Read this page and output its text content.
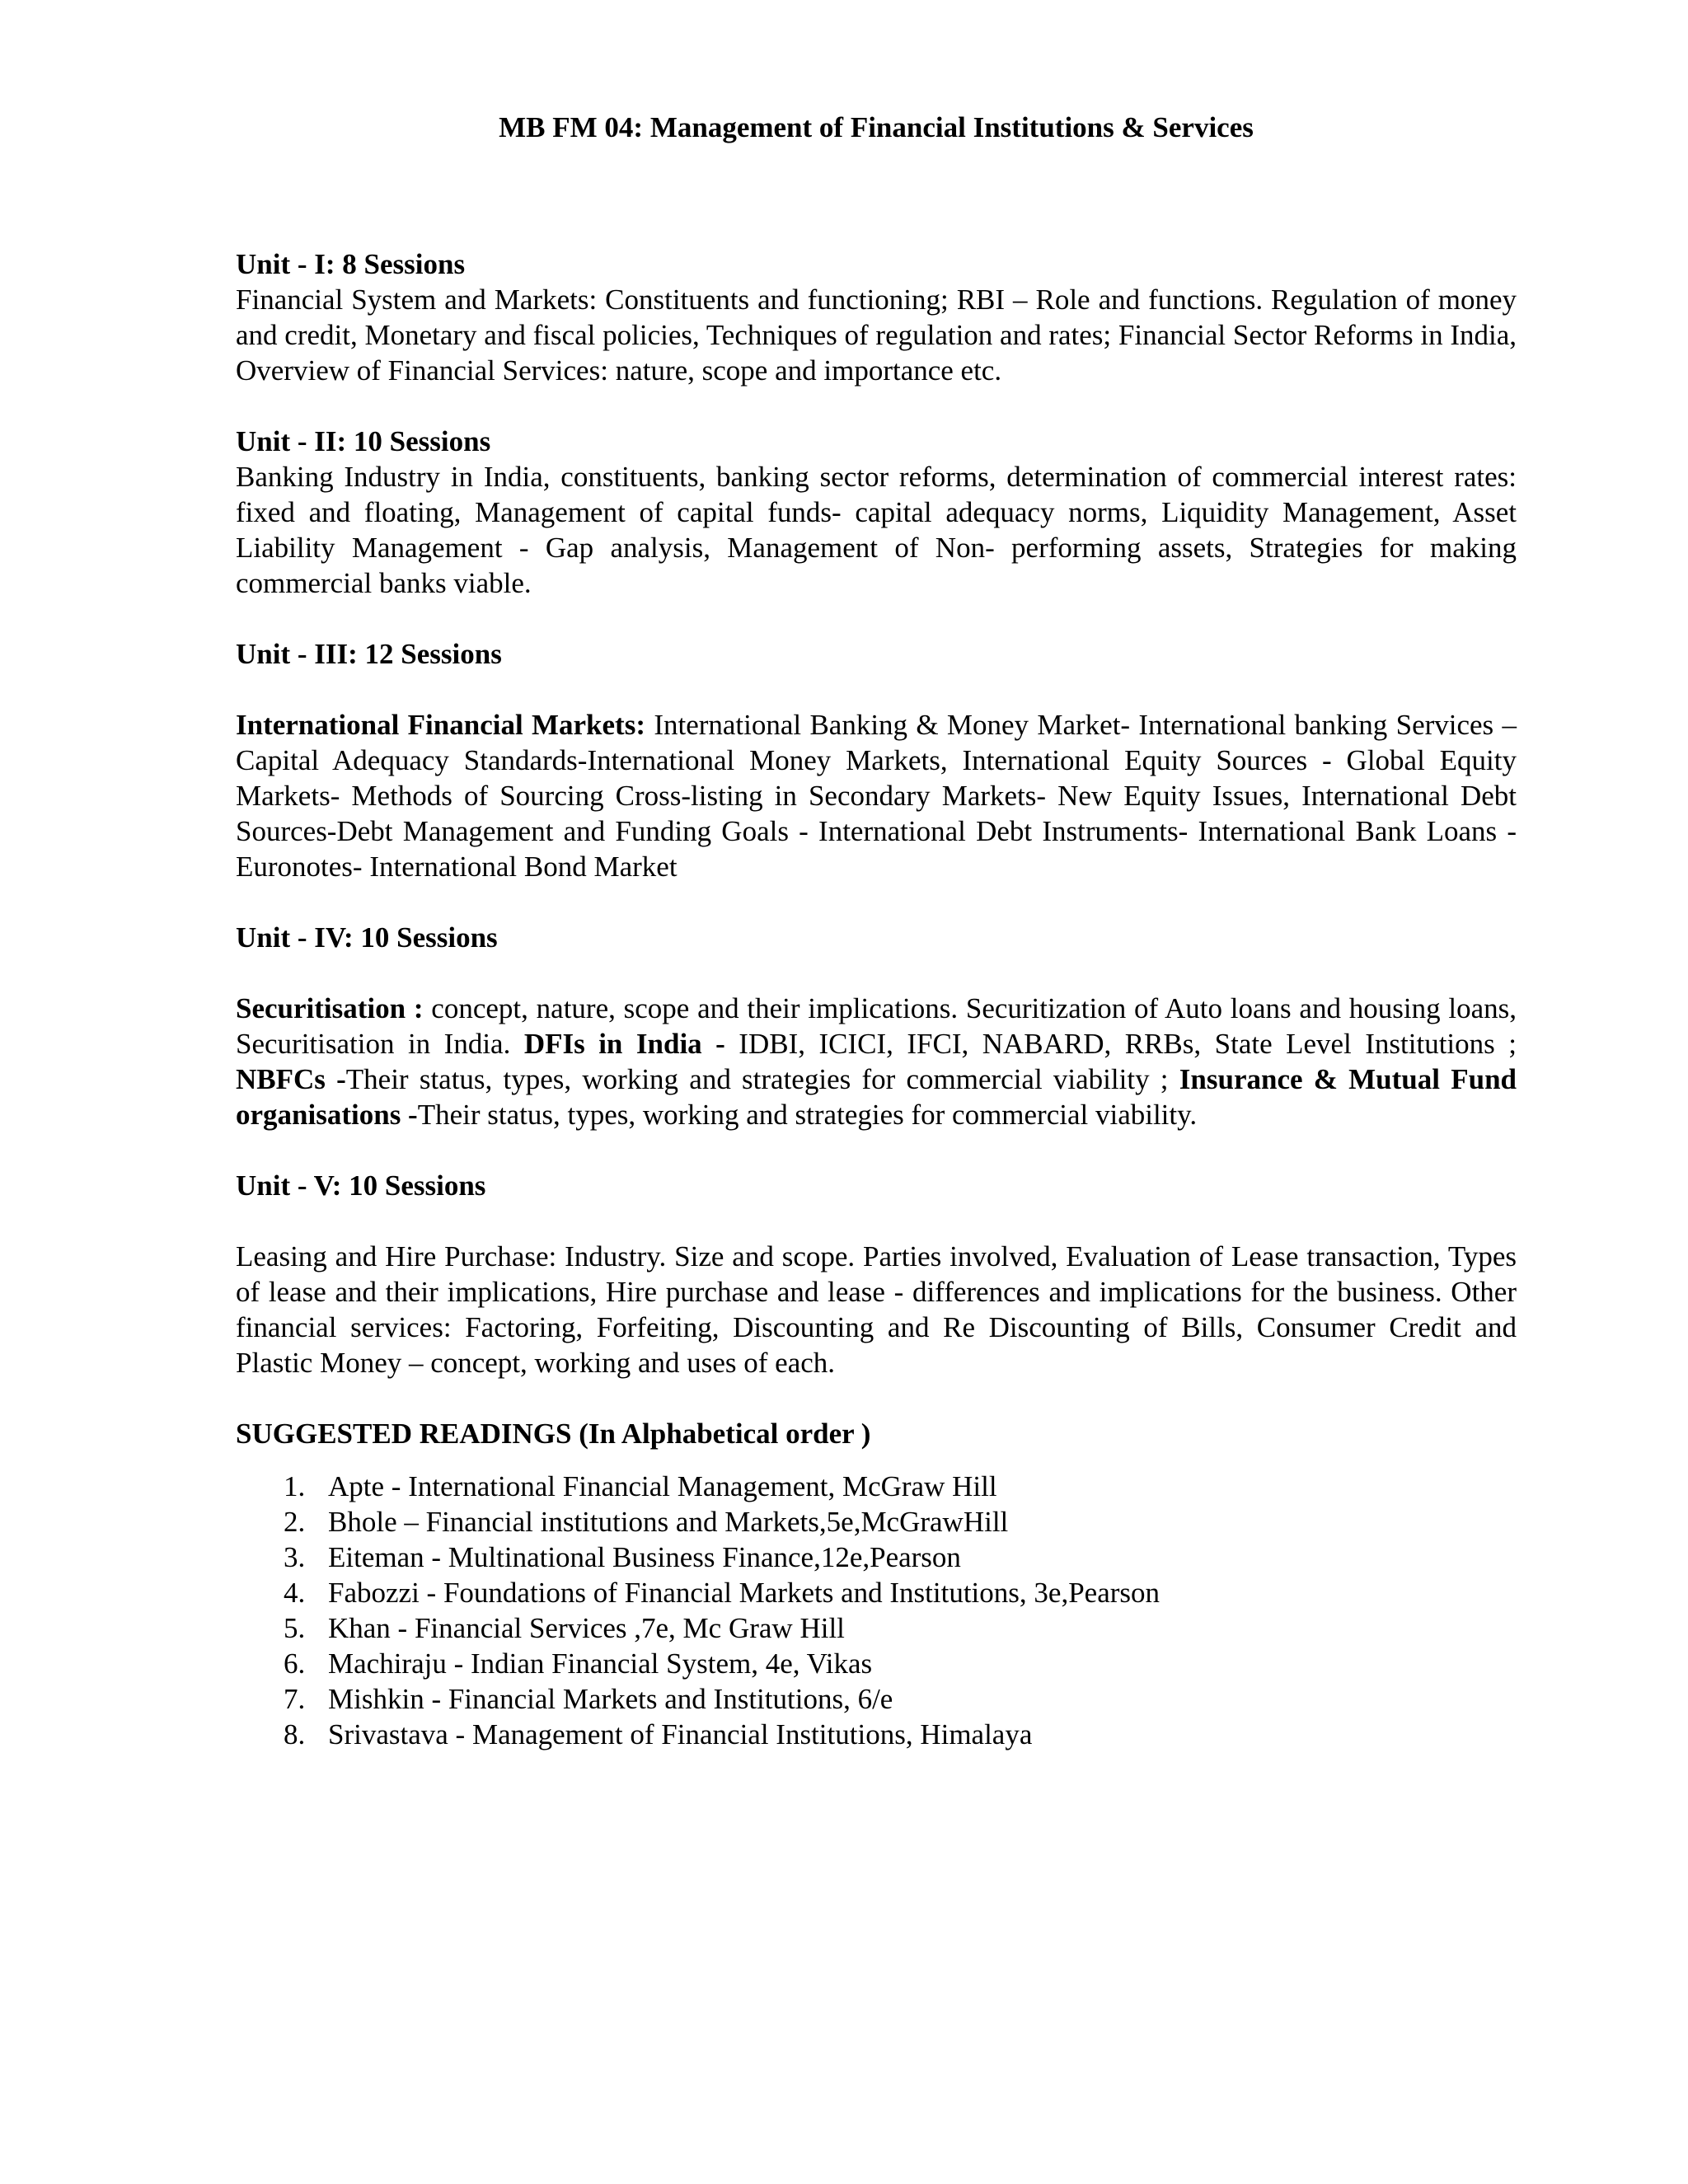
MB FM 04: Management of Financial Institutions & Services
Unit - I: 8 Sessions

Financial System and Markets: Constituents and functioning; RBI – Role and functions. Regulation of money and credit, Monetary and fiscal policies, Techniques of regulation and rates; Financial Sector Reforms in India, Overview of Financial Services: nature, scope and importance etc.

Unit - II: 10 Sessions

Banking Industry in India, constituents, banking sector reforms, determination of commercial interest rates: fixed and floating, Management of capital funds- capital adequacy norms, Liquidity Management, Asset Liability Management - Gap analysis, Management of Non- performing assets, Strategies for making commercial banks viable.

Unit - III: 12 Sessions

International Financial Markets: International Banking & Money Market- International banking Services – Capital Adequacy Standards-International Money Markets, International Equity Sources - Global Equity Markets- Methods of Sourcing Cross-listing in Secondary Markets- New Equity Issues, International Debt Sources-Debt Management and Funding Goals - International Debt Instruments- International Bank Loans - Euronotes- International Bond Market

Unit - IV: 10 Sessions

Securitisation : concept, nature, scope and their implications. Securitization of Auto loans and housing loans, Securitisation in India. DFIs in India - IDBI, ICICI, IFCI, NABARD, RRBs, State Level Institutions ; NBFCs -Their status, types, working and strategies for commercial viability ; Insurance & Mutual Fund organisations -Their status, types, working and strategies for commercial viability.

Unit - V: 10 Sessions

Leasing and Hire Purchase: Industry. Size and scope. Parties involved, Evaluation of Lease transaction, Types of lease and their implications, Hire purchase and lease - differences and implications for the business. Other financial services: Factoring, Forfeiting, Discounting and Re Discounting of Bills, Consumer Credit and Plastic Money – concept, working and uses of each.

SUGGESTED READINGS (In Alphabetical order )
1. Apte - International Financial Management, McGraw Hill
2. Bhole – Financial institutions and Markets,5e,McGrawHill
3. Eiteman - Multinational Business Finance,12e,Pearson
4. Fabozzi - Foundations of Financial Markets and Institutions, 3e,Pearson
5. Khan - Financial Services ,7e, Mc Graw Hill
6. Machiraju - Indian Financial System, 4e, Vikas
7. Mishkin - Financial Markets and Institutions, 6/e
8. Srivastava - Management of Financial Institutions, Himalaya
